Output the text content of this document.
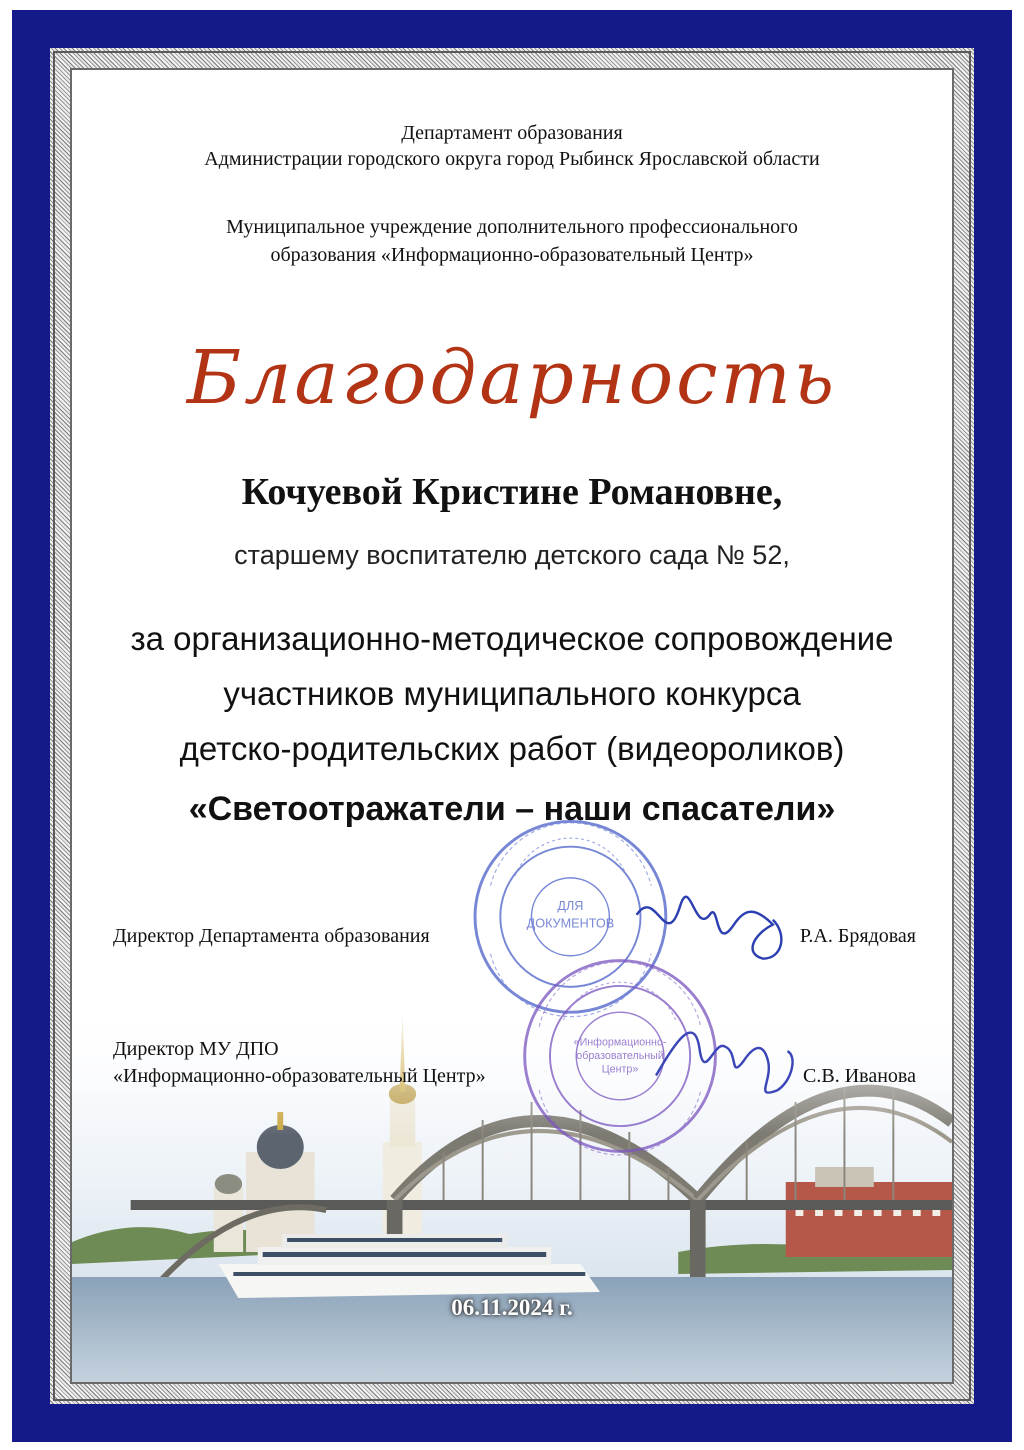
Департамент образования
Администрации городского округа город Рыбинск Ярославской области
Муниципальное учреждение дополнительного профессионального
образования «Информационно-образовательный Центр»
Благодарность
Кочуевой Кристине Романовне,
старшему воспитателю детского сада № 52,
за организационно-методическое сопровождение
участников муниципального конкурса
детско-родительских работ (видеороликов)
«Светоотражатели – наши спасатели»
06.11.2024 г.
Директор Департамента образования	Р.А. Брядовая
Директор МУ ДПО
«Информационно-образовательный Центр»	С.В. Иванова
ДЛЯ
ДОКУМЕНТОВ
«Информационно-
образовательный
Центр»
